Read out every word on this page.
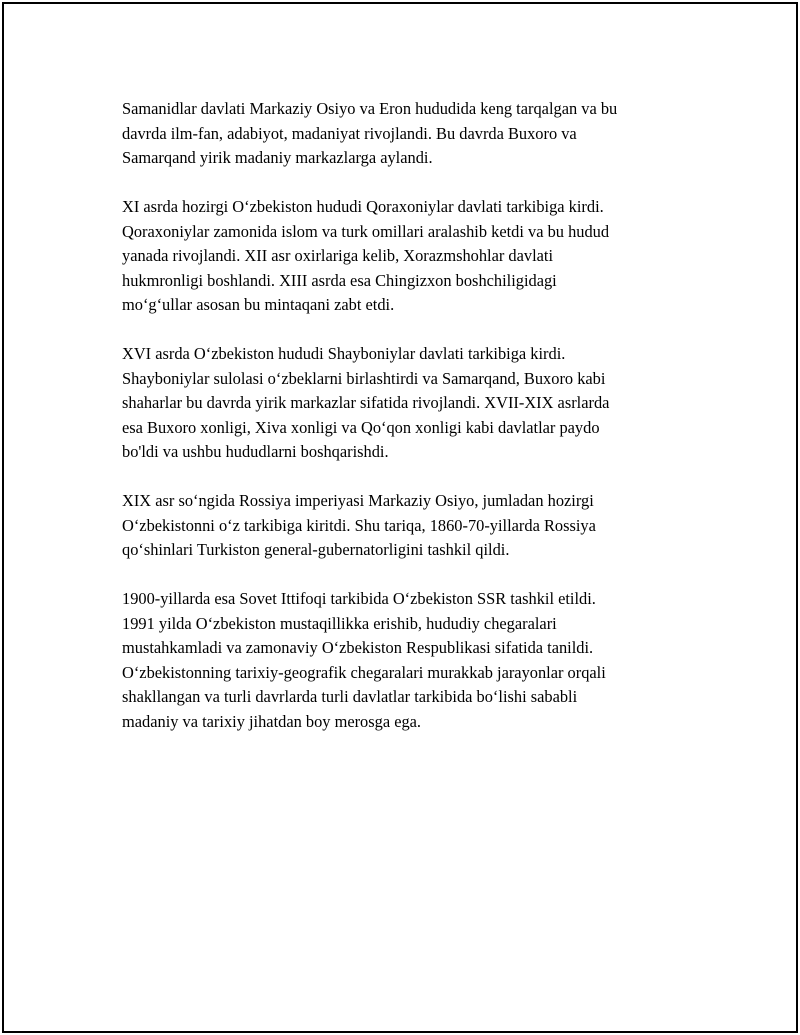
Samanidlar davlati Markaziy Osiyo va Eron hududida keng tarqalgan va bu
davrda ilm-fan, adabiyot, madaniyat rivojlandi. Bu davrda Buxoro va
Samarqand yirik madaniy markazlarga aylandi.

XI asrda hozirgi O‘zbekiston hududi Qoraxoniylar davlati tarkibiga kirdi.
Qoraxoniylar zamonida islom va turk omillari aralashib ketdi va bu hudud
yanada rivojlandi. XII asr oxirlariga kelib, Xorazmshohlar davlati
hukmronligi boshlandi. XIII asrda esa Chingizxon boshchiligidagi
mo‘g‘ullar asosan bu mintaqani zabt etdi.

XVI asrda O‘zbekiston hududi Shayboniylar davlati tarkibiga kirdi.
Shayboniylar sulolasi o‘zbeklarni birlashtirdi va Samarqand, Buxoro kabi
shaharlar bu davrda yirik markazlar sifatida rivojlandi. XVII-XIX asrlarda
esa Buxoro xonligi, Xiva xonligi va Qo‘qon xonligi kabi davlatlar paydo
bo'ldi va ushbu hududlarni boshqarishdi.

XIX asr so‘ngida Rossiya imperiyasi Markaziy Osiyo, jumladan hozirgi
O‘zbekistonni o‘z tarkibiga kiritdi. Shu tariqa, 1860-70-yillarda Rossiya
qo‘shinlari Turkiston general-gubernatorligini tashkil qildi.

1900-yillarda esa Sovet Ittifoqi tarkibida O‘zbekiston SSR tashkil etildi.
1991 yilda O‘zbekiston mustaqillikka erishib, hududiy chegaralari
mustahkamladi va zamonaviy O‘zbekiston Respublikasi sifatida tanildi.
O‘zbekistonning tarixiy-geografik chegaralari murakkab jarayonlar orqali
shakllangan va turli davrlarda turli davlatlar tarkibida bo‘lishi sababli
madaniy va tarixiy jihatdan boy merosga ega.
